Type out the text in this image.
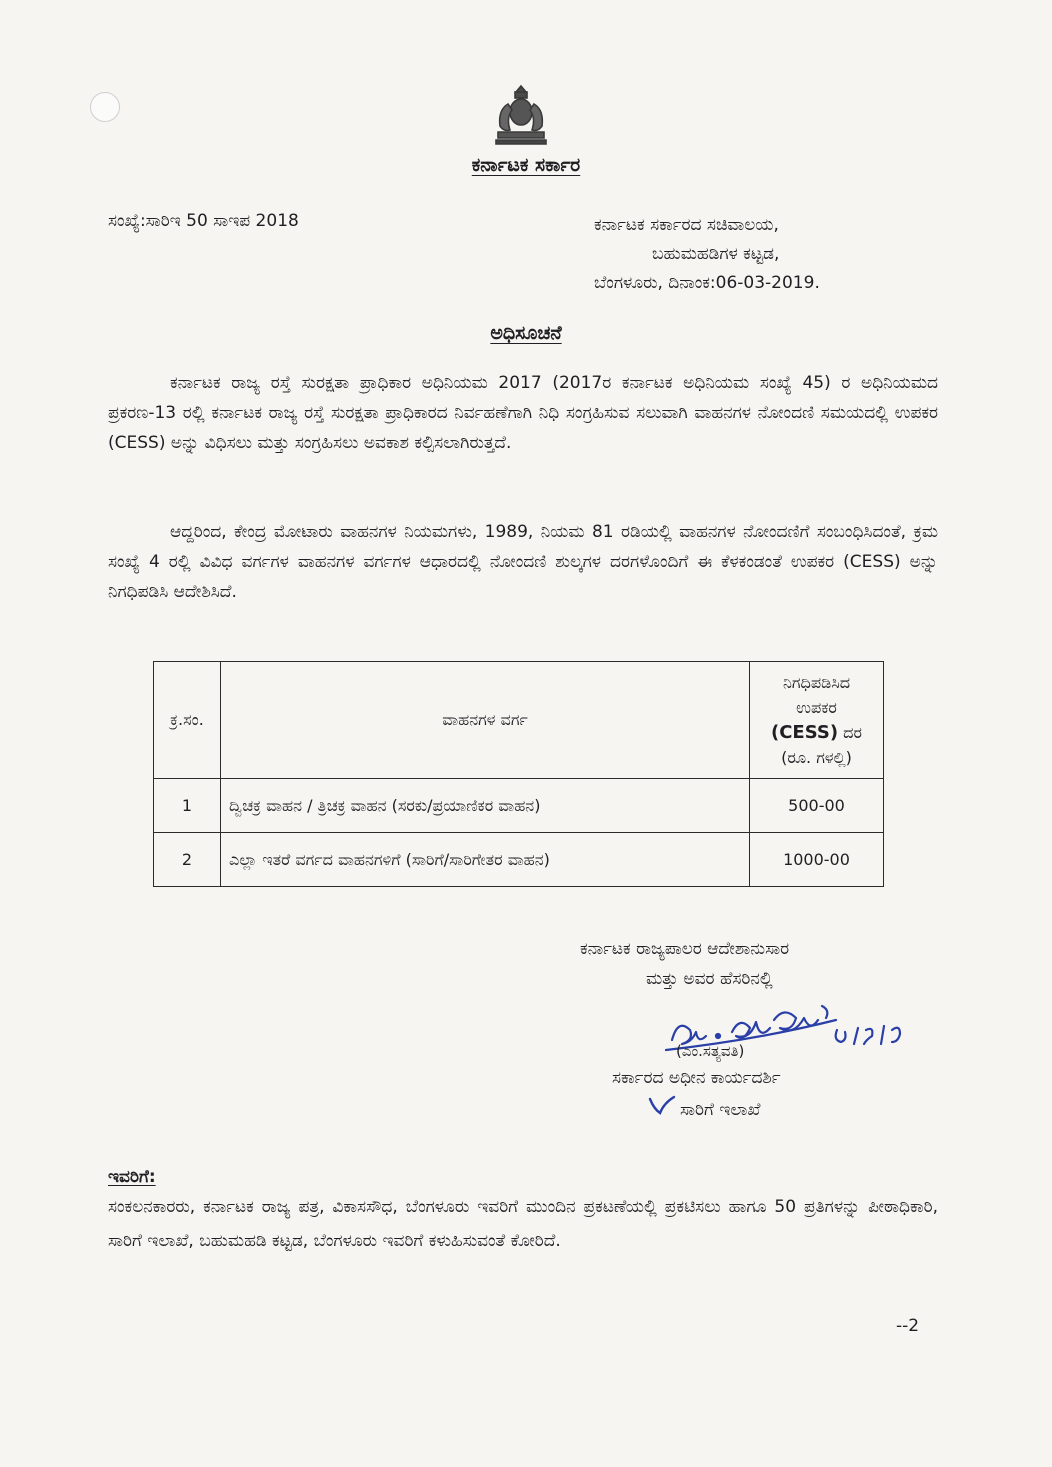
ಕರ್ನಾಟಕ ಸರ್ಕಾರ
ಸಂಖ್ಯೆ:ಸಾರಿಇ 50 ಸಾಇಪ 2018	ಕರ್ನಾಟಕ ಸರ್ಕಾರದ ಸಚಿವಾಲಯ,
ಬಹುಮಹಡಿಗಳ ಕಟ್ಟಡ,
ಬೆಂಗಳೂರು, ದಿನಾಂಕ:06-03-2019.
ಅಧಿಸೂಚನೆ
ಕರ್ನಾಟಕ ರಾಜ್ಯ ರಸ್ತೆ ಸುರಕ್ಷತಾ ಪ್ರಾಧಿಕಾರ ಅಧಿನಿಯಮ 2017 (2017ರ ಕರ್ನಾಟಕ ಅಧಿನಿಯಮ ಸಂಖ್ಯೆ 45) ರ ಅಧಿನಿಯಮದ ಪ್ರಕರಣ-13 ರಲ್ಲಿ ಕರ್ನಾಟಕ ರಾಜ್ಯ ರಸ್ತೆ ಸುರಕ್ಷತಾ ಪ್ರಾಧಿಕಾರದ ನಿರ್ವಹಣೆಗಾಗಿ ನಿಧಿ ಸಂಗ್ರಹಿಸುವ ಸಲುವಾಗಿ ವಾಹನಗಳ ನೋಂದಣಿ ಸಮಯದಲ್ಲಿ ಉಪಕರ (CESS) ಅನ್ನು ವಿಧಿಸಲು ಮತ್ತು ಸಂಗ್ರಹಿಸಲು ಅವಕಾಶ ಕಲ್ಪಿಸಲಾಗಿರುತ್ತದೆ.
ಆದ್ದರಿಂದ, ಕೇಂದ್ರ ಮೋಟಾರು ವಾಹನಗಳ ನಿಯಮಗಳು, 1989, ನಿಯಮ 81 ರಡಿಯಲ್ಲಿ ವಾಹನಗಳ ನೋಂದಣಿಗೆ ಸಂಬಂಧಿಸಿದಂತೆ, ಕ್ರಮ ಸಂಖ್ಯೆ 4 ರಲ್ಲಿ ವಿವಿಧ ವರ್ಗಗಳ ವಾಹನಗಳ ವರ್ಗಗಳ ಆಧಾರದಲ್ಲಿ ನೋಂದಣಿ ಶುಲ್ಕಗಳ ದರಗಳೊಂದಿಗೆ ಈ ಕೆಳಕಂಡಂತೆ ಉಪಕರ (CESS) ಅನ್ನು ನಿಗಧಿಪಡಿಸಿ ಆದೇಶಿಸಿದೆ.
ಕ್ರ.ಸಂ.	ವಾಹನಗಳ ವರ್ಗ	ನಿಗಧಿಪಡಿಸಿದ
ಉಪಕರ
(CESS) ದರ
(ರೂ. ಗಳಲ್ಲಿ)

1	ದ್ವಿಚಕ್ರ ವಾಹನ / ತ್ರಿಚಕ್ರ ವಾಹನ (ಸರಕು/ಪ್ರಯಾಣಿಕರ ವಾಹನ)	500-00
2	ಎಲ್ಲಾ ಇತರೆ ವರ್ಗದ ವಾಹನಗಳಿಗೆ (ಸಾರಿಗೆ/ಸಾರಿಗೇತರ ವಾಹನ)	1000-00
ಕರ್ನಾಟಕ ರಾಜ್ಯಪಾಲರ ಆದೇಶಾನುಸಾರ
ಮತ್ತು ಅವರ ಹೆಸರಿನಲ್ಲಿ
(ಎಂ.ಸತ್ಯವತಿ)
ಸರ್ಕಾರದ ಅಧೀನ ಕಾರ್ಯದರ್ಶಿ
ಸಾರಿಗೆ ಇಲಾಖೆ
ಇವರಿಗೆ:
ಸಂಕಲನಕಾರರು, ಕರ್ನಾಟಕ ರಾಜ್ಯ ಪತ್ರ, ವಿಕಾಸಸೌಧ, ಬೆಂಗಳೂರು ಇವರಿಗೆ ಮುಂದಿನ ಪ್ರಕಟಣೆಯಲ್ಲಿ ಪ್ರಕಟಿಸಲು ಹಾಗೂ 50 ಪ್ರತಿಗಳನ್ನು ಪೀಠಾಧಿಕಾರಿ, ಸಾರಿಗೆ ಇಲಾಖೆ, ಬಹುಮಹಡಿ ಕಟ್ಟಡ, ಬೆಂಗಳೂರು ಇವರಿಗೆ ಕಳುಹಿಸುವಂತೆ ಕೋರಿದೆ.
--2
